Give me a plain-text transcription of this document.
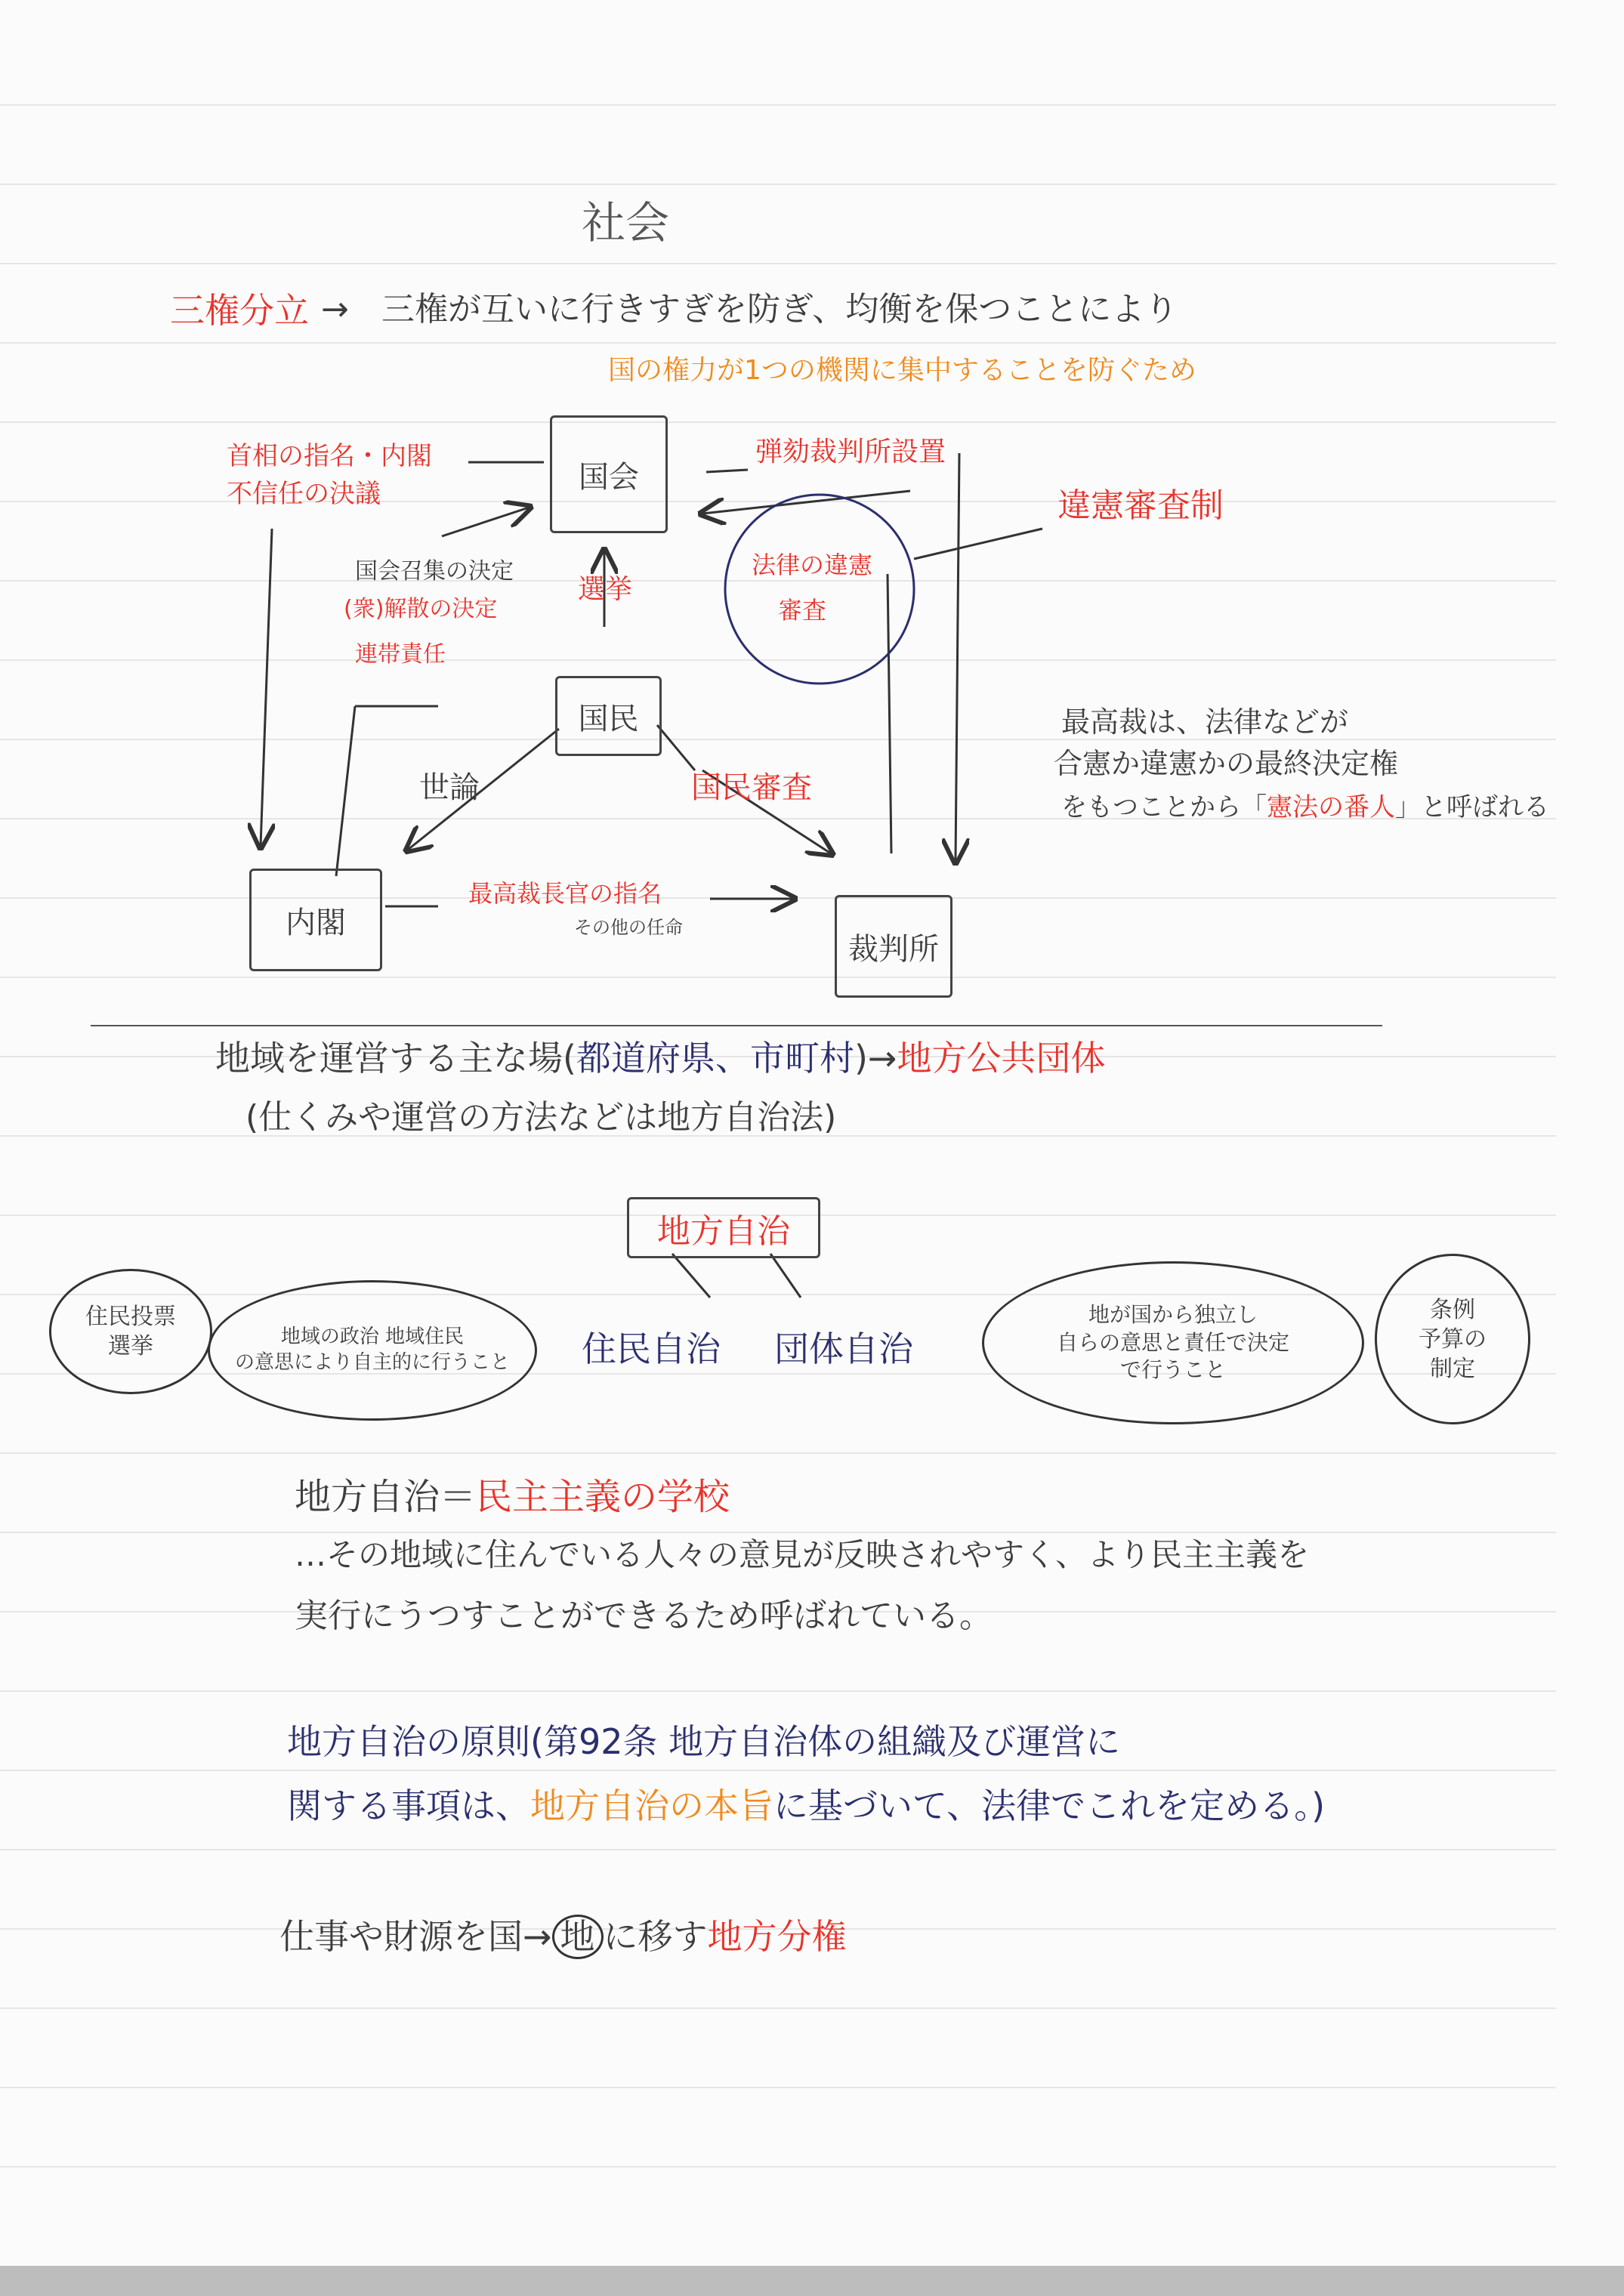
社会
三権分立 → 三権が互いに行きすぎを防ぎ、均衡を保つことにより
国の権力が1つの機関に集中することを防ぐため
国会
国民
内閣
裁判所
首相の指名・内閣
不信任の決議
国会召集の決定
(衆)解散の決定
連帯責任
弾劾裁判所設置
法律の違憲
審査
違憲審査制
選挙
世論	国民審査
最高裁長官の指名
その他の任命
最高裁は、法律などが
合憲か違憲かの最終決定権
をもつことから「憲法の番人」と呼ばれる
地域を運営する主な場(都道府県、市町村)→地方公共団体
(仕くみや運営の方法などは地方自治法)
地方自治
住民自治 団体自治
住民投票
選挙	地域の政治 地域住民
の意思により自主的に行うこと
地が国から独立し
自らの意思と責任で決定
で行うこと
条例
予算の
制定
地方自治＝民主主義の学校
…その地域に住んでいる人々の意見が反映されやすく、より民主主義を
実行にうつすことができるため呼ばれている。
地方自治の原則(第92条 地方自治体の組織及び運営に
関する事項は、地方自治の本旨に基づいて、法律でこれを定める。)
仕事や財源を国→ 地 に移す地方分権
